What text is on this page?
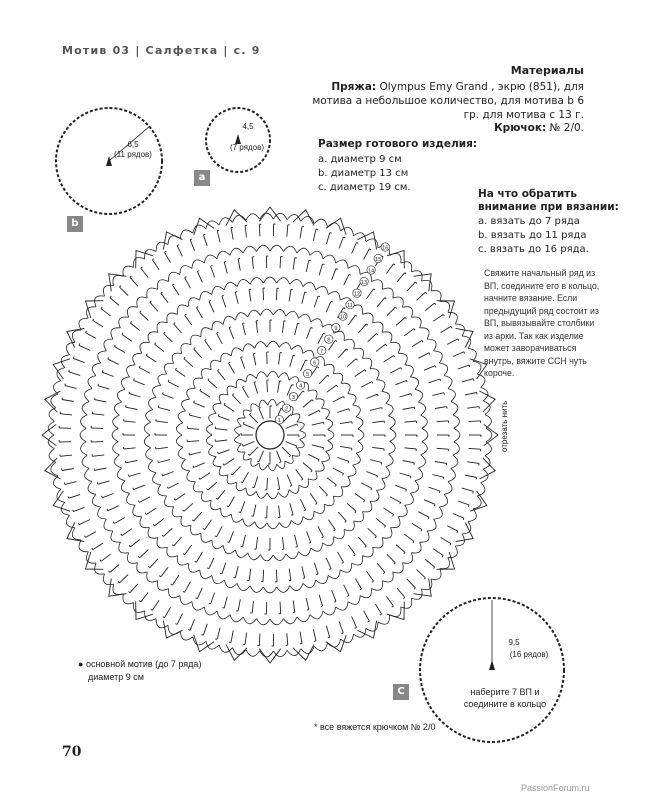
Мотив 03 | Салфетка | с. 9
Материалы
Пряжа: Olympus Emy Grand , экрю (851), для мотива а небольшое количество, для мотива b 6 гр. для мотива с 13 г.
Крючок: № 2/0.
Размер готового изделия:
a. диаметр 9 см
b. диаметр 13 см
c. диаметр 19 см.
На что обратить внимание при вязании:
a. вязать до 7 ряда
b. вязать до 11 ряда
c. вязать до 16 ряда.
Свяжите начальный ряд из ВП, соедините его в кольцо, начните вязание. Если предыдущий ряд состоит из ВП, вывязывайте столбики из арки. Так как изделие может заворачиваться внутрь, вяжите ССН чуть короче.
6,5
(11 рядов)
b
4,5
(7 рядов)
a
1
2
3
4
5
6
7
8
9
10
11
12
13
14
15
16
отрезать нить
9,5
(16 рядов)
наберите 7 ВП и соедините в кольцо
C
● основной мотив (до 7 ряда)
диаметр 9 см
* все вяжется крючком № 2/0
70
PassionForum.ru
